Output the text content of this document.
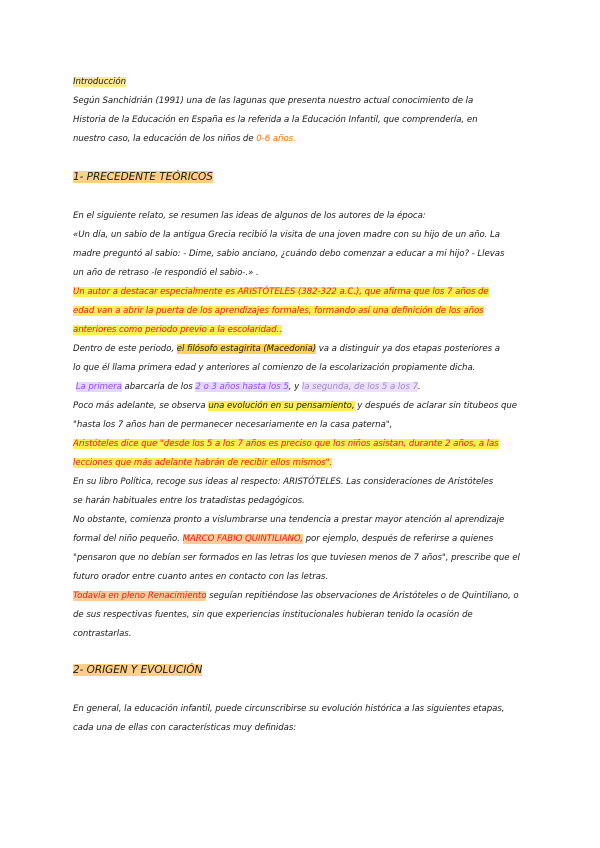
Introducción
Según Sanchidrián (1991) una de las lagunas que presenta nuestro actual conocimiento de la
Historia de la Educación en España es la referida a la Educación Infantil, que comprendería, en
nuestro caso, la educación de los niños de 0-6 años.
1- PRECEDENTE TEÓRICOS
En el siguiente relato, se resumen las ideas de algunos de los autores de la época:
«Un día, un sabio de la antigua Grecia recibió la visita de una joven madre con su hijo de un año. La
madre preguntó al sabio: - Dime, sabio anciano, ¿cuándo debo comenzar a educar a mi hijo? - Llevas
un año de retraso -le respondió el sabio-.» .
Un autor a destacar especialmente es ARISTÓTELES (382-322 a.C.), que afirma que los 7 años de
edad van a abrir la puerta de los aprendizajes formales, formando así una definición de los años
anteriores como periodo previo a la escolaridad..
Dentro de este periodo, el filósofo estagirita (Macedonia) va a distinguir ya dos etapas posteriores a
lo que él llama primera edad y anteriores al comienzo de la escolarización propiamente dicha.
La primera abarcaría de los 2 o 3 años hasta los 5, y la segunda, de los 5 a los 7.
Poco más adelante, se observa una evolución en su pensamiento, y después de aclarar sin titubeos que
"hasta los 7 años han de permanecer necesariamente en la casa paterna",
Aristóteles dice que "desde los 5 a los 7 años es preciso que los niños asistan, durante 2 años, a las
lecciones que más adelante habrán de recibir ellos mismos".
En su libro Política, recoge sus ideas al respecto: ARISTÓTELES. Las consideraciones de Aristóteles
se harán habituales entre los tratadistas pedagógicos.
No obstante, comienza pronto a vislumbrarse una tendencia a prestar mayor atención al aprendizaje
formal del niño pequeño. MARCO FABIO QUINTILIANO, por ejemplo, después de referirse a quienes
"pensaron que no debían ser formados en las letras los que tuviesen menos de 7 años", prescribe que el
futuro orador entre cuanto antes en contacto con las letras.
Todavía en pleno Renacimiento seguían repitiéndose las observaciones de Aristóteles o de Quintiliano, o
de sus respectivas fuentes, sin que experiencias institucionales hubieran tenido la ocasión de
contrastarlas.
2- ORIGEN Y EVOLUCIÓN
En general, la educación infantil, puede circunscribirse su evolución histórica a las siguientes etapas,
cada una de ellas con características muy definidas:
